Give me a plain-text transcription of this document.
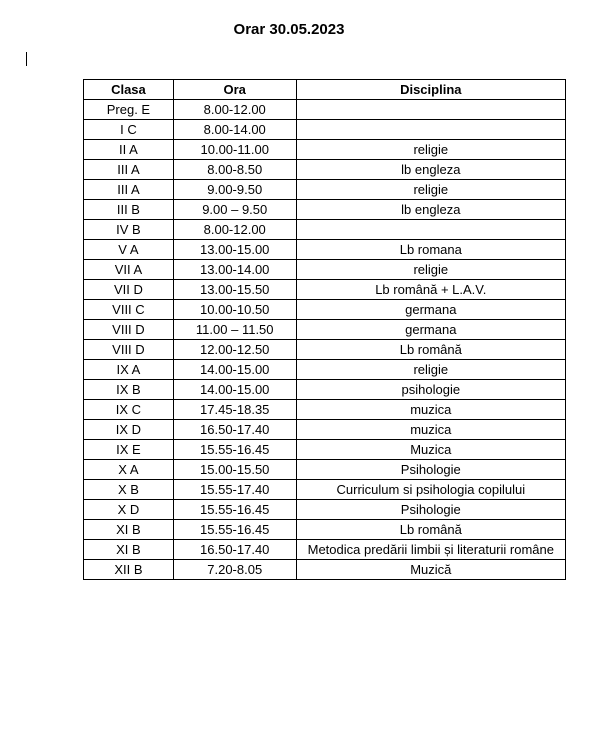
Orar 30.05.2023
Clasa	Ora	Disciplina
Preg. E	8.00-12.00	
I C	8.00-14.00	
II A	10.00-11.00	religie
III A	8.00-8.50	lb engleza
III A	9.00-9.50	religie
III B	9.00 – 9.50	lb engleza
IV B	8.00-12.00	
V A	13.00-15.00	Lb romana
VII A	13.00-14.00	religie
VII D	13.00-15.50	Lb română + L.A.V.
VIII C	10.00-10.50	germana
VIII D	11.00 – 11.50	germana
VIII D	12.00-12.50	Lb română
IX A	14.00-15.00	religie
IX B	14.00-15.00	psihologie
IX C	17.45-18.35	muzica
IX D	16.50-17.40	muzica
IX E	15.55-16.45	Muzica
X A	15.00-15.50	Psihologie
X B	15.55-17.40	Curriculum si psihologia copilului
X D	15.55-16.45	Psihologie
XI B	15.55-16.45	Lb română
XI B	16.50-17.40	Metodica predării limbii și literaturii române
XII B	7.20-8.05	Muzică
